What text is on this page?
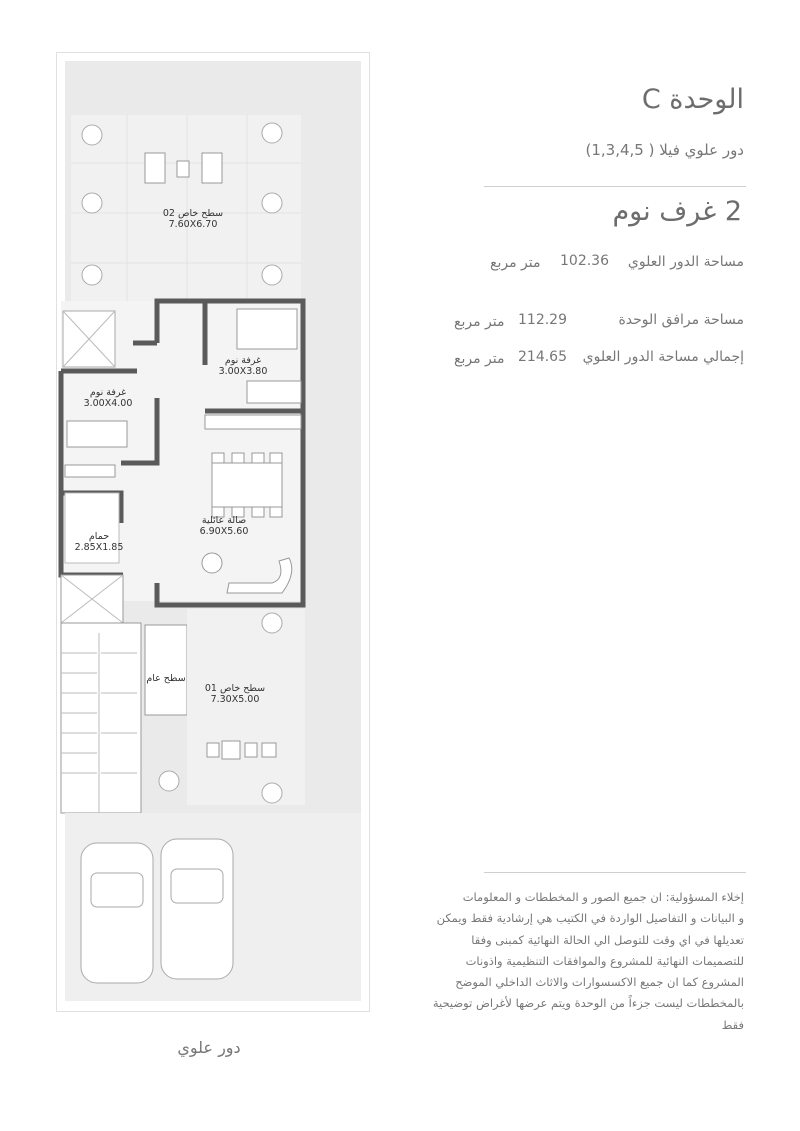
سطح خاص 02
7.60X6.70
غرفة نوم
3.00X3.80
غرفة نوم
3.00X4.00
صالة عائلية
6.90X5.60
حمام
2.85X1.85
سطح عام
سطح خاص 01
7.30X5.00
دور علوي
الوحدة C
دور علوي فيلا ( 1,3,4,5)
2 غرف نوم
مساحة الدور العلوي
102.36
متر مربع
مساحة مرافق الوحدة
112.29
متر مربع
إجمالي مساحة الدور العلوي
214.65
متر مربع
إخلاء المسؤولية: ان جميع الصور و المخططات و المعلومات
و البيانات و التفاصيل الواردة في الكتيب هي إرشادية فقط ويمكن
تعديلها في اي وقت للتوصل الي الحالة النهائية كمبنى وفقا
للتصميمات النهائية للمشروع والموافقات التنظيمية واذونات
المشروع كما ان جميع الاكسسوارات والاثاث الداخلي الموضح
بالمخططات ليست جزءاً من الوحدة ويتم عرضها لأغراض توضيحية فقط
